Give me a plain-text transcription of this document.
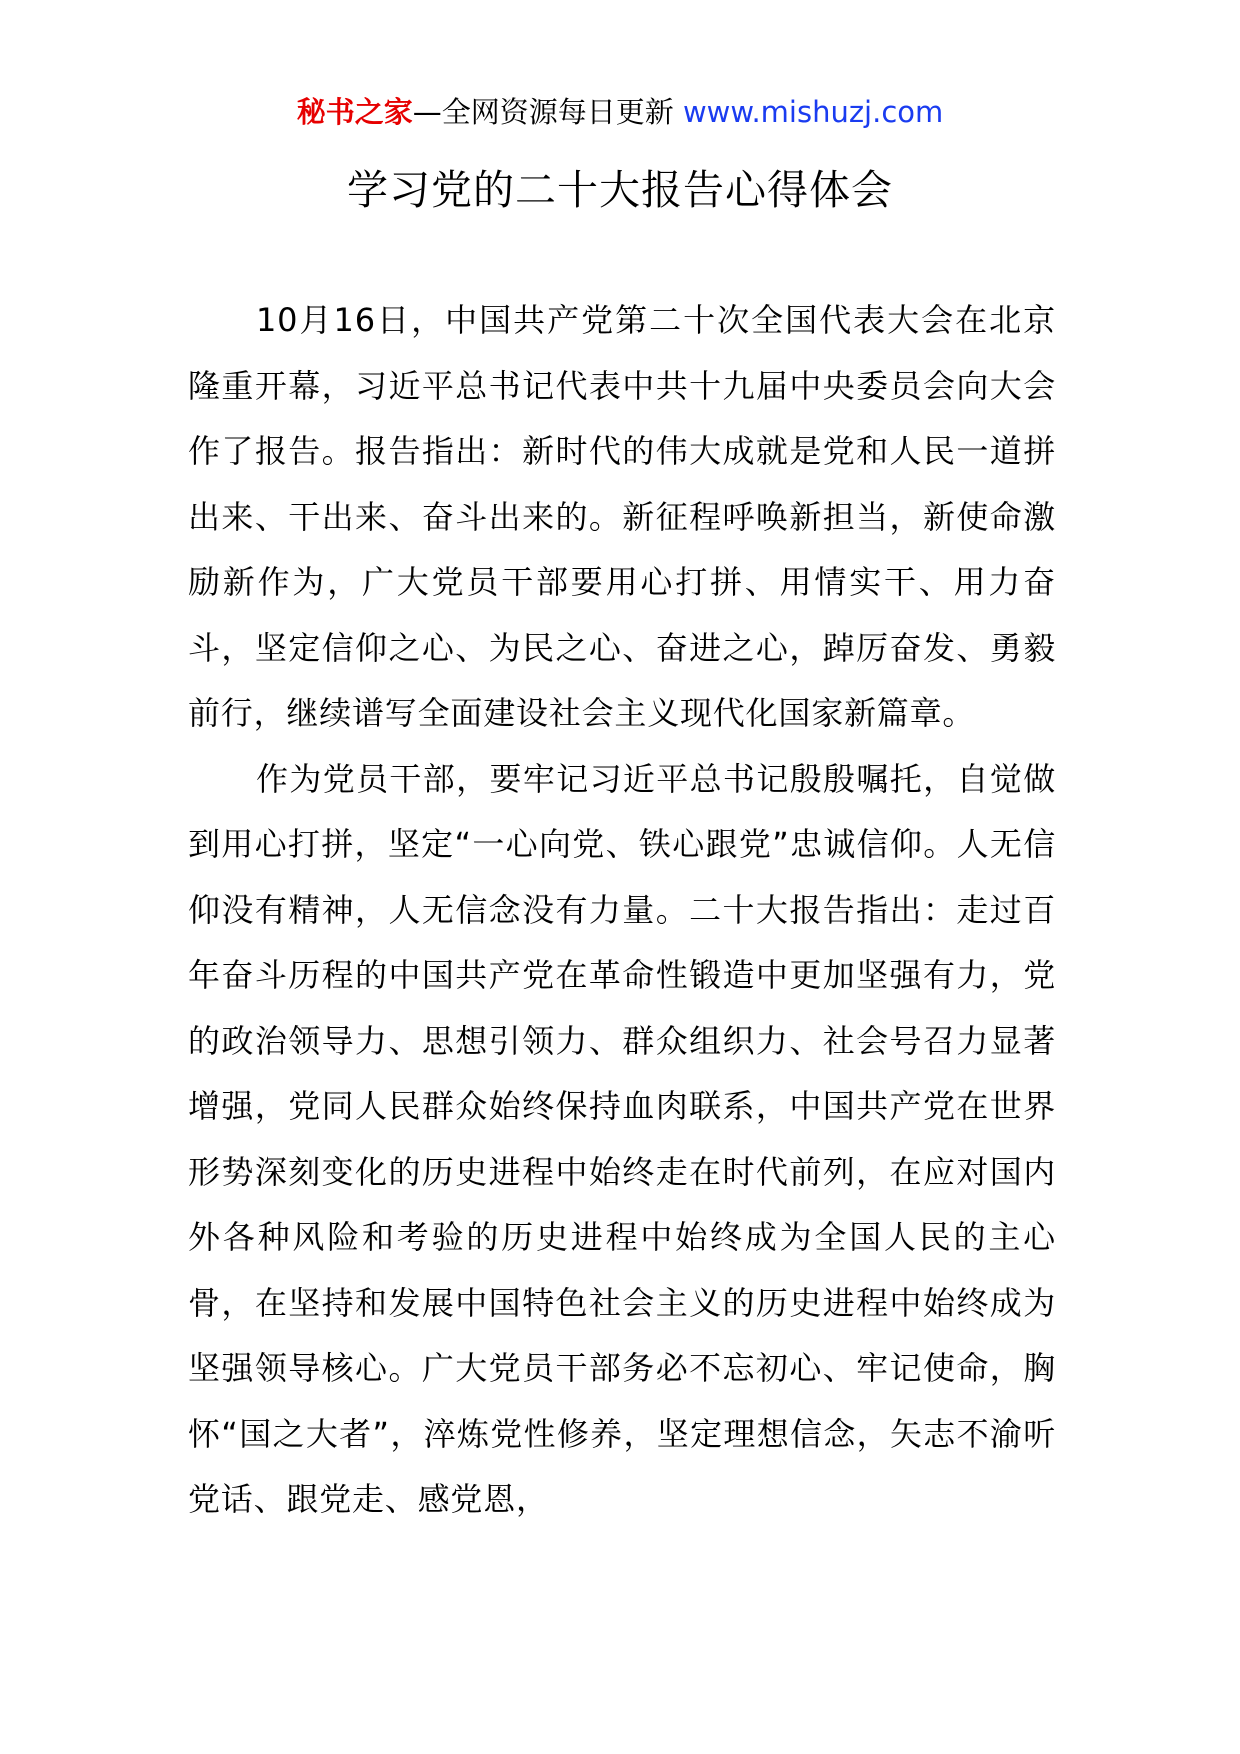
秘书之家—全网资源每日更新 www.mishuzj.com
学习党的二十大报告心得体会

10月16日，中国共产党第二十次全国代表大会在北京隆重开幕，习近平总书记代表中共十九届中央委员会向大会作了报告。报告指出：新时代的伟大成就是党和人民一道拼出来、干出来、奋斗出来的。新征程呼唤新担当，新使命激励新作为，广大党员干部要用心打拼、用情实干、用力奋斗，坚定信仰之心、为民之心、奋进之心，踔厉奋发、勇毅前行，继续谱写全面建设社会主义现代化国家新篇章。

作为党员干部，要牢记习近平总书记殷殷嘱托，自觉做到用心打拼，坚定“一心向党、铁心跟党”忠诚信仰。人无信仰没有精神，人无信念没有力量。二十大报告指出：走过百年奋斗历程的中国共产党在革命性锻造中更加坚强有力，党的政治领导力、思想引领力、群众组织力、社会号召力显著增强，党同人民群众始终保持血肉联系，中国共产党在世界形势深刻变化的历史进程中始终走在时代前列，在应对国内外各种风险和考验的历史进程中始终成为全国人民的主心骨，在坚持和发展中国特色社会主义的历史进程中始终成为坚强领导核心。广大党员干部务必不忘初心、牢记使命，胸怀“国之大者”，淬炼党性修养，坚定理想信念，矢志不渝听党话、跟党走、感党恩，
